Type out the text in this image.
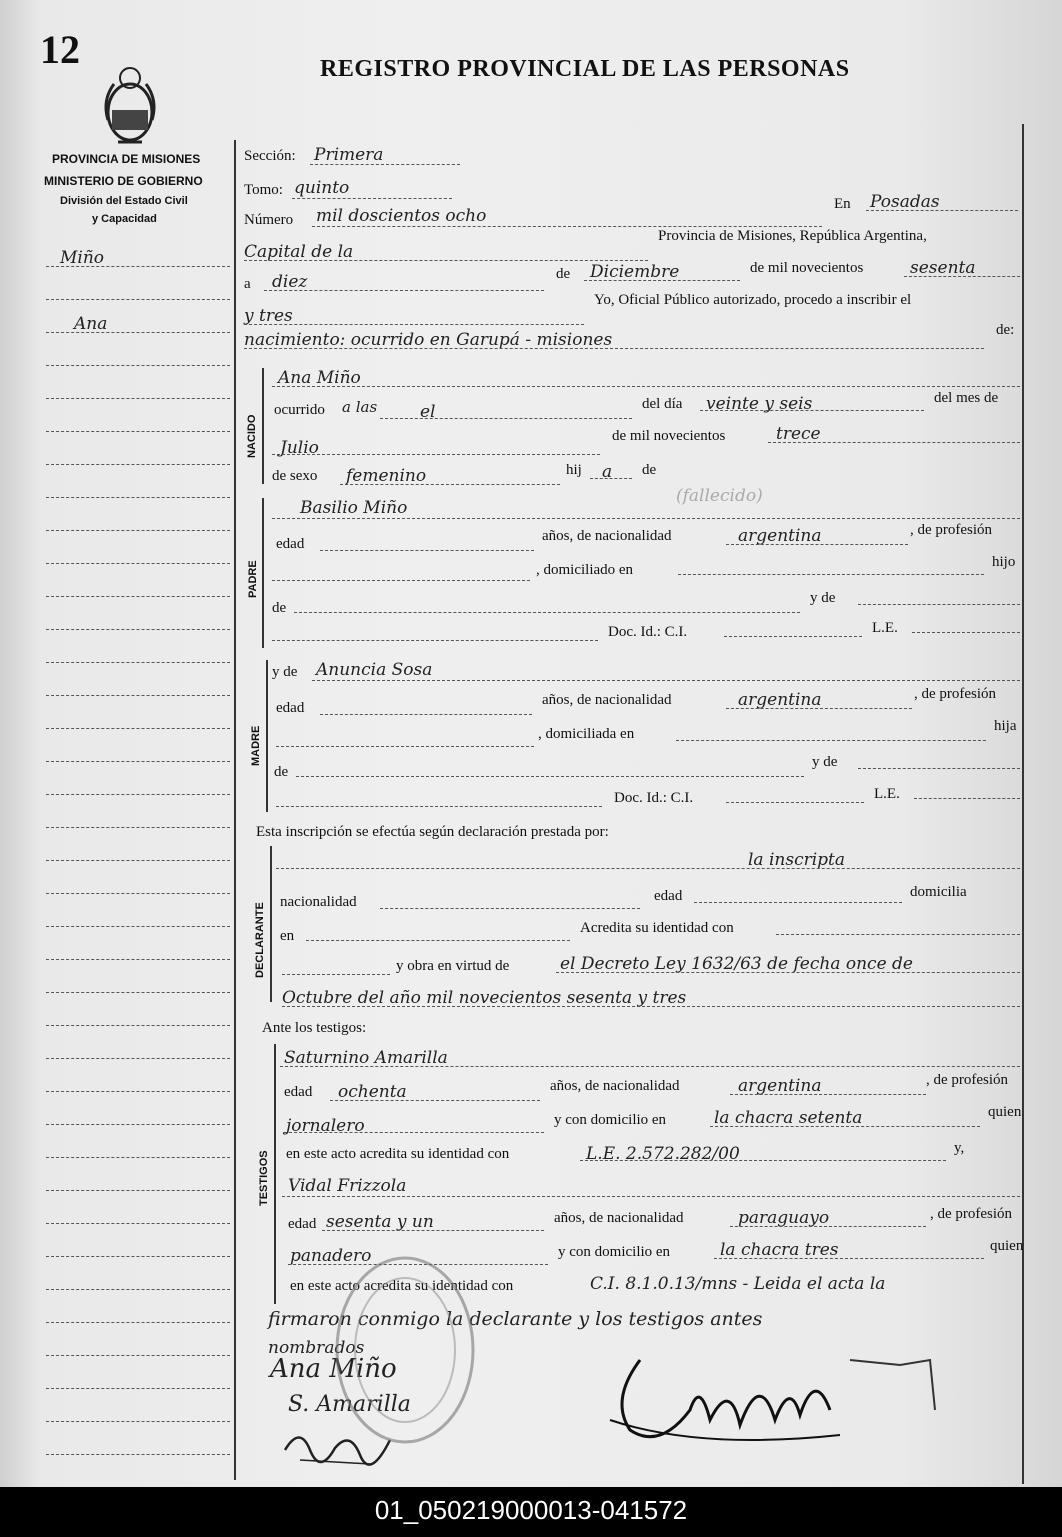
12	REGISTRO PROVINCIAL DE LAS PERSONAS
PROVINCIA DE MISIONES
MINISTERIO DE GOBIERNO
División del Estado Civil
y Capacidad
Miño
Ana
Sección: Primera
Tomo: quinto
Número mil doscientos ocho
En Posadas
Capital de la
Provincia de Misiones, República Argentina,
a diez	de Diciembre	de mil novecientos	sesenta
y tres
Yo, Oficial Público autorizado, procedo a inscribir el
nacimiento: ocurrido en Garupá - misiones	de:
NACIDO
Ana Miño
ocurrido a las	el	del día veinte y seis	del mes de
Julio
de mil novecientos	trece
de sexo femenino	hij a de
PADRE
Basilio Miño
(fallecido)
edad	años, de nacionalidad	argentina	, de profesión
, domiciliado en	hijo
de
y de
Doc. Id.: C.I.	L.E.
MADRE
y de Anuncia Sosa
edad	años, de nacionalidad	argentina	, de profesión
, domiciliada en	hija
de
y de
Doc. Id.: C.I.	L.E.
Esta inscripción se efectúa según declaración prestada por:
DECLARANTE
la inscripta
nacionalidad	edad	domicilia
en	Acredita su identidad con
y obra en virtud de	el Decreto Ley 1632/63 de fecha once de
Octubre del año mil novecientos sesenta y tres
Ante los testigos:
TESTIGOS
Saturnino Amarilla
edad ochenta	años, de nacionalidad	argentina	, de profesión
jornalero	y con domicilio en	la chacra setenta	quien
en este acto acredita su identidad con	L.E. 2.572.282/00	y,
Vidal Frizzola
edad sesenta y un	años, de nacionalidad	paraguayo	, de profesión
panadero	y con domicilio en	la chacra tres	quien
en este acto acredita su identidad con	C.I. 8.1.0.13/mns - Leida el acta la
firmaron conmigo la declarante y los testigos antes
nombrados
Ana Miño
S. Amarilla
01_050219000013-041572
